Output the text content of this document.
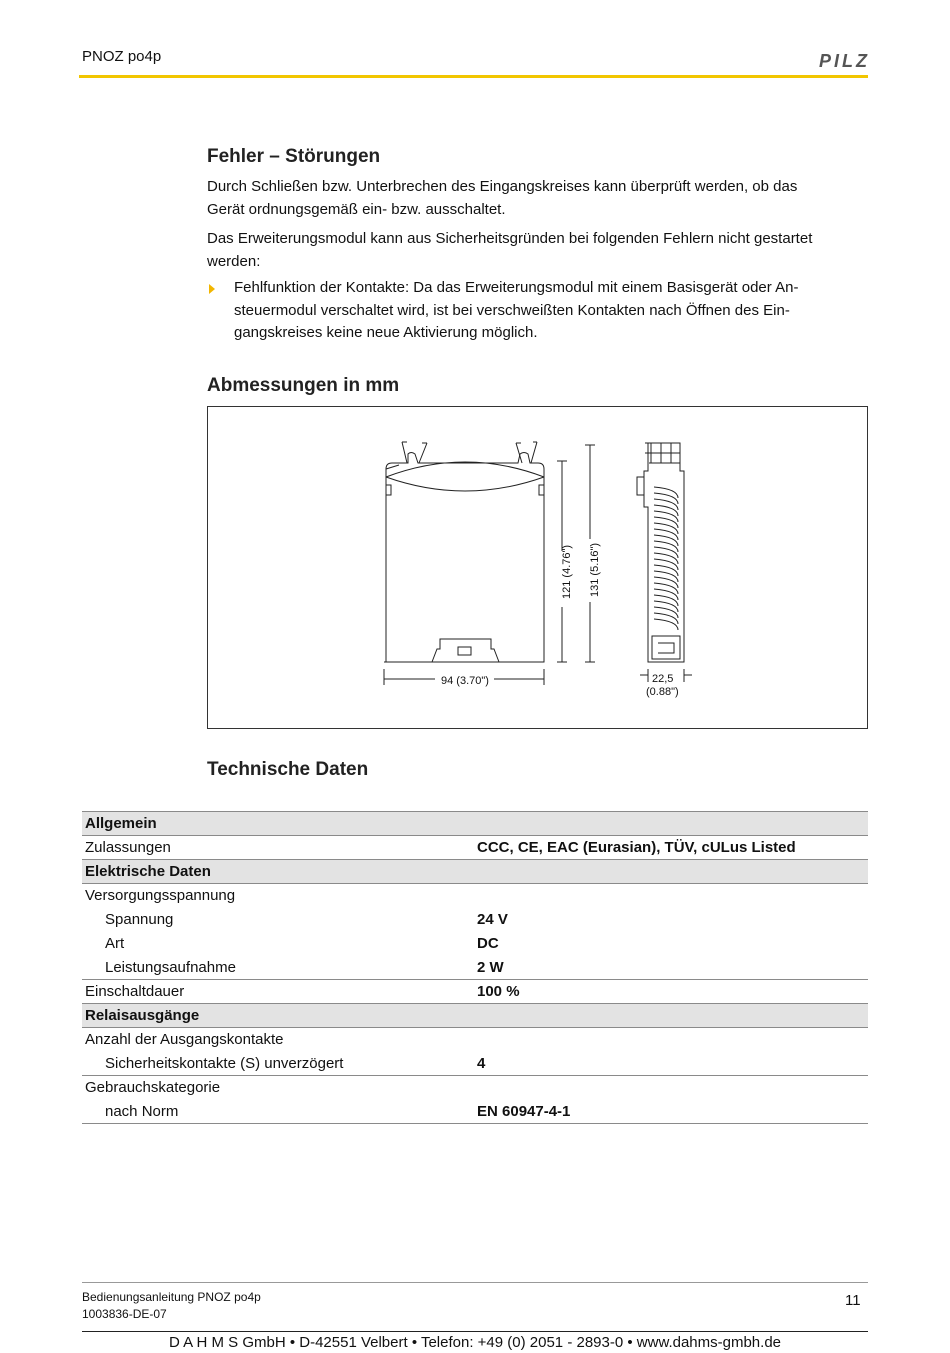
PNOZ po4p	PILZ
Fehler – Störungen
Durch Schließen bzw. Unterbrechen des Eingangskreises kann überprüft werden, ob das
Gerät ordnungsgemäß ein- bzw. ausschaltet.
Das Erweiterungsmodul kann aus Sicherheitsgründen bei folgenden Fehlern nicht gestartet
werden:
Fehlfunktion der Kontakte: Da das Erweiterungsmodul mit einem Basisgerät oder An-
steuermodul verschaltet wird, ist bei verschweißten Kontakten nach Öffnen des Ein-
gangskreises keine neue Aktivierung möglich.
Abmessungen in mm
121 (4.76") 131 (5.16")
94 (3.70")	22,5
(0.88")
Technische Daten
Allgemein	
Zulassungen	CCC, CE, EAC (Eurasian), TÜV, cULus Listed
Elektrische Daten	
Versorgungsspannung	
Spannung	24 V
Art	DC
Leistungsaufnahme	2 W
Einschaltdauer	100 %
Relaisausgänge	
Anzahl der Ausgangskontakte	
Sicherheitskontakte (S) unverzögert	4
Gebrauchskategorie	
nach Norm	EN 60947-4-1
Bedienungsanleitung PNOZ po4p
1003836-DE-07
11
D A H M S GmbH • D-42551 Velbert • Telefon: +49 (0) 2051 - 2893-0 • www.dahms-gmbh.de
